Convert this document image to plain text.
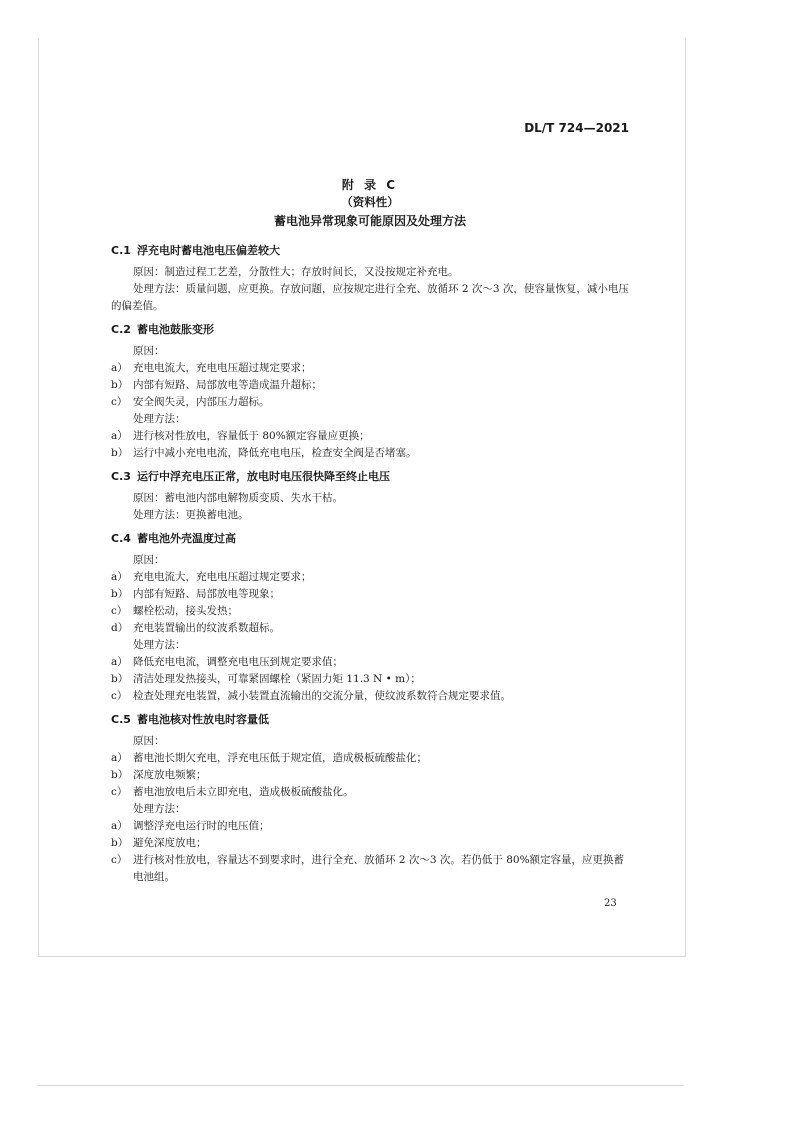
DL/T 724—2021
附 录 C
（资料性）
蓄电池异常现象可能原因及处理方法
C.1 浮充电时蓄电池电压偏差较大

原因：制造过程工艺差，分散性大；存放时间长，又没按规定补充电。

处理方法：质量问题，应更换。存放问题，应按规定进行全充、放循环 2 次～3 次，使容量恢复，减小电压的偏差值。

C.2 蓄电池鼓胀变形

原因：

a） 充电电流大，充电电压超过规定要求；
b） 内部有短路、局部放电等造成温升超标；
c） 安全阀失灵，内部压力超标。

处理方法：

a） 进行核对性放电，容量低于 80%额定容量应更换；
b） 运行中减小充电电流，降低充电电压，检查安全阀是否堵塞。
C.3 运行中浮充电压正常，放电时电压很快降至终止电压

原因：蓄电池内部电解物质变质、失水干枯。

处理方法：更换蓄电池。

C.4 蓄电池外壳温度过高

原因：

a） 充电电流大，充电电压超过规定要求；
b） 内部有短路、局部放电等现象；
c） 螺栓松动，接头发热；
d） 充电装置输出的纹波系数超标。

处理方法：

a） 降低充电电流，调整充电电压到规定要求值；
b） 清洁处理发热接头，可靠紧固螺栓（紧固力矩 11.3 N • m）；
c） 检查处理充电装置，减小装置直流输出的交流分量，使纹波系数符合规定要求值。
C.5 蓄电池核对性放电时容量低

原因：

a） 蓄电池长期欠充电，浮充电压低于规定值，造成极板硫酸盐化；
b） 深度放电频繁；
c） 蓄电池放电后未立即充电，造成极板硫酸盐化。

处理方法：

a） 调整浮充电运行时的电压值；
b） 避免深度放电；
c） 进行核对性放电，容量达不到要求时，进行全充、放循环 2 次～3 次。若仍低于 80%额定容量，应更换蓄电池组。
23
